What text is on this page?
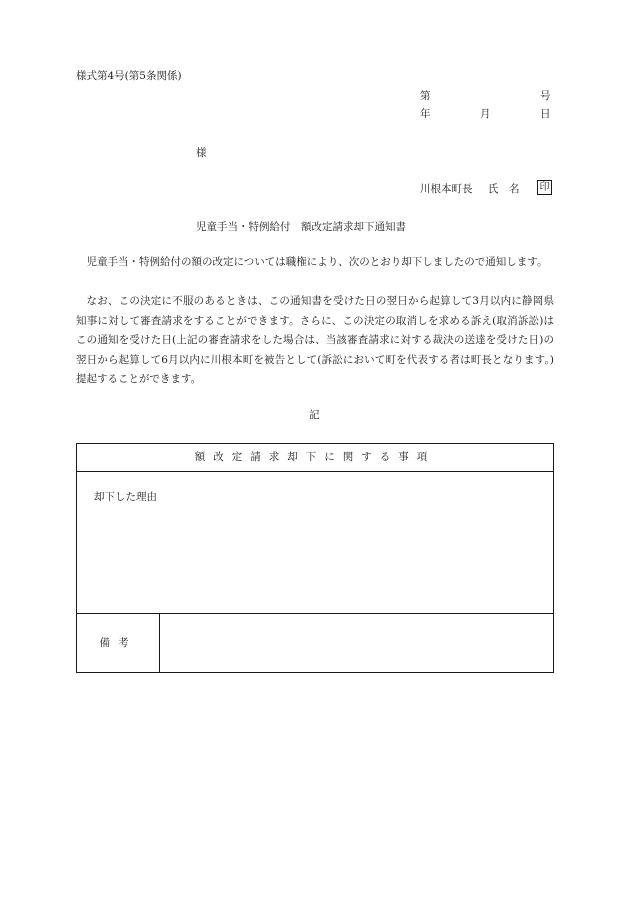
様式第4号(第5条関係)
第	号
年	月	日
様
川根本町長 氏　名 印
児童手当・特例給付　額改定請求却下通知書
児童手当・特例給付の額の改定については職権により、次のとおり却下しましたので通知します。
なお、この決定に不服のあるときは、この通知書を受けた日の翌日から起算して3月以内に静岡県知事に対して審査請求をすることができます。さらに、この決定の取消しを求める訴え(取消訴訟)はこの通知を受けた日(上記の審査請求をした場合は、当該審査請求に対する裁決の送達を受けた日)の翌日から起算して6月以内に川根本町を被告として(訴訟において町を代表する者は町長となります。)提起することができます。
記
額改定請求却下に関する事項
却下した理由
備考
